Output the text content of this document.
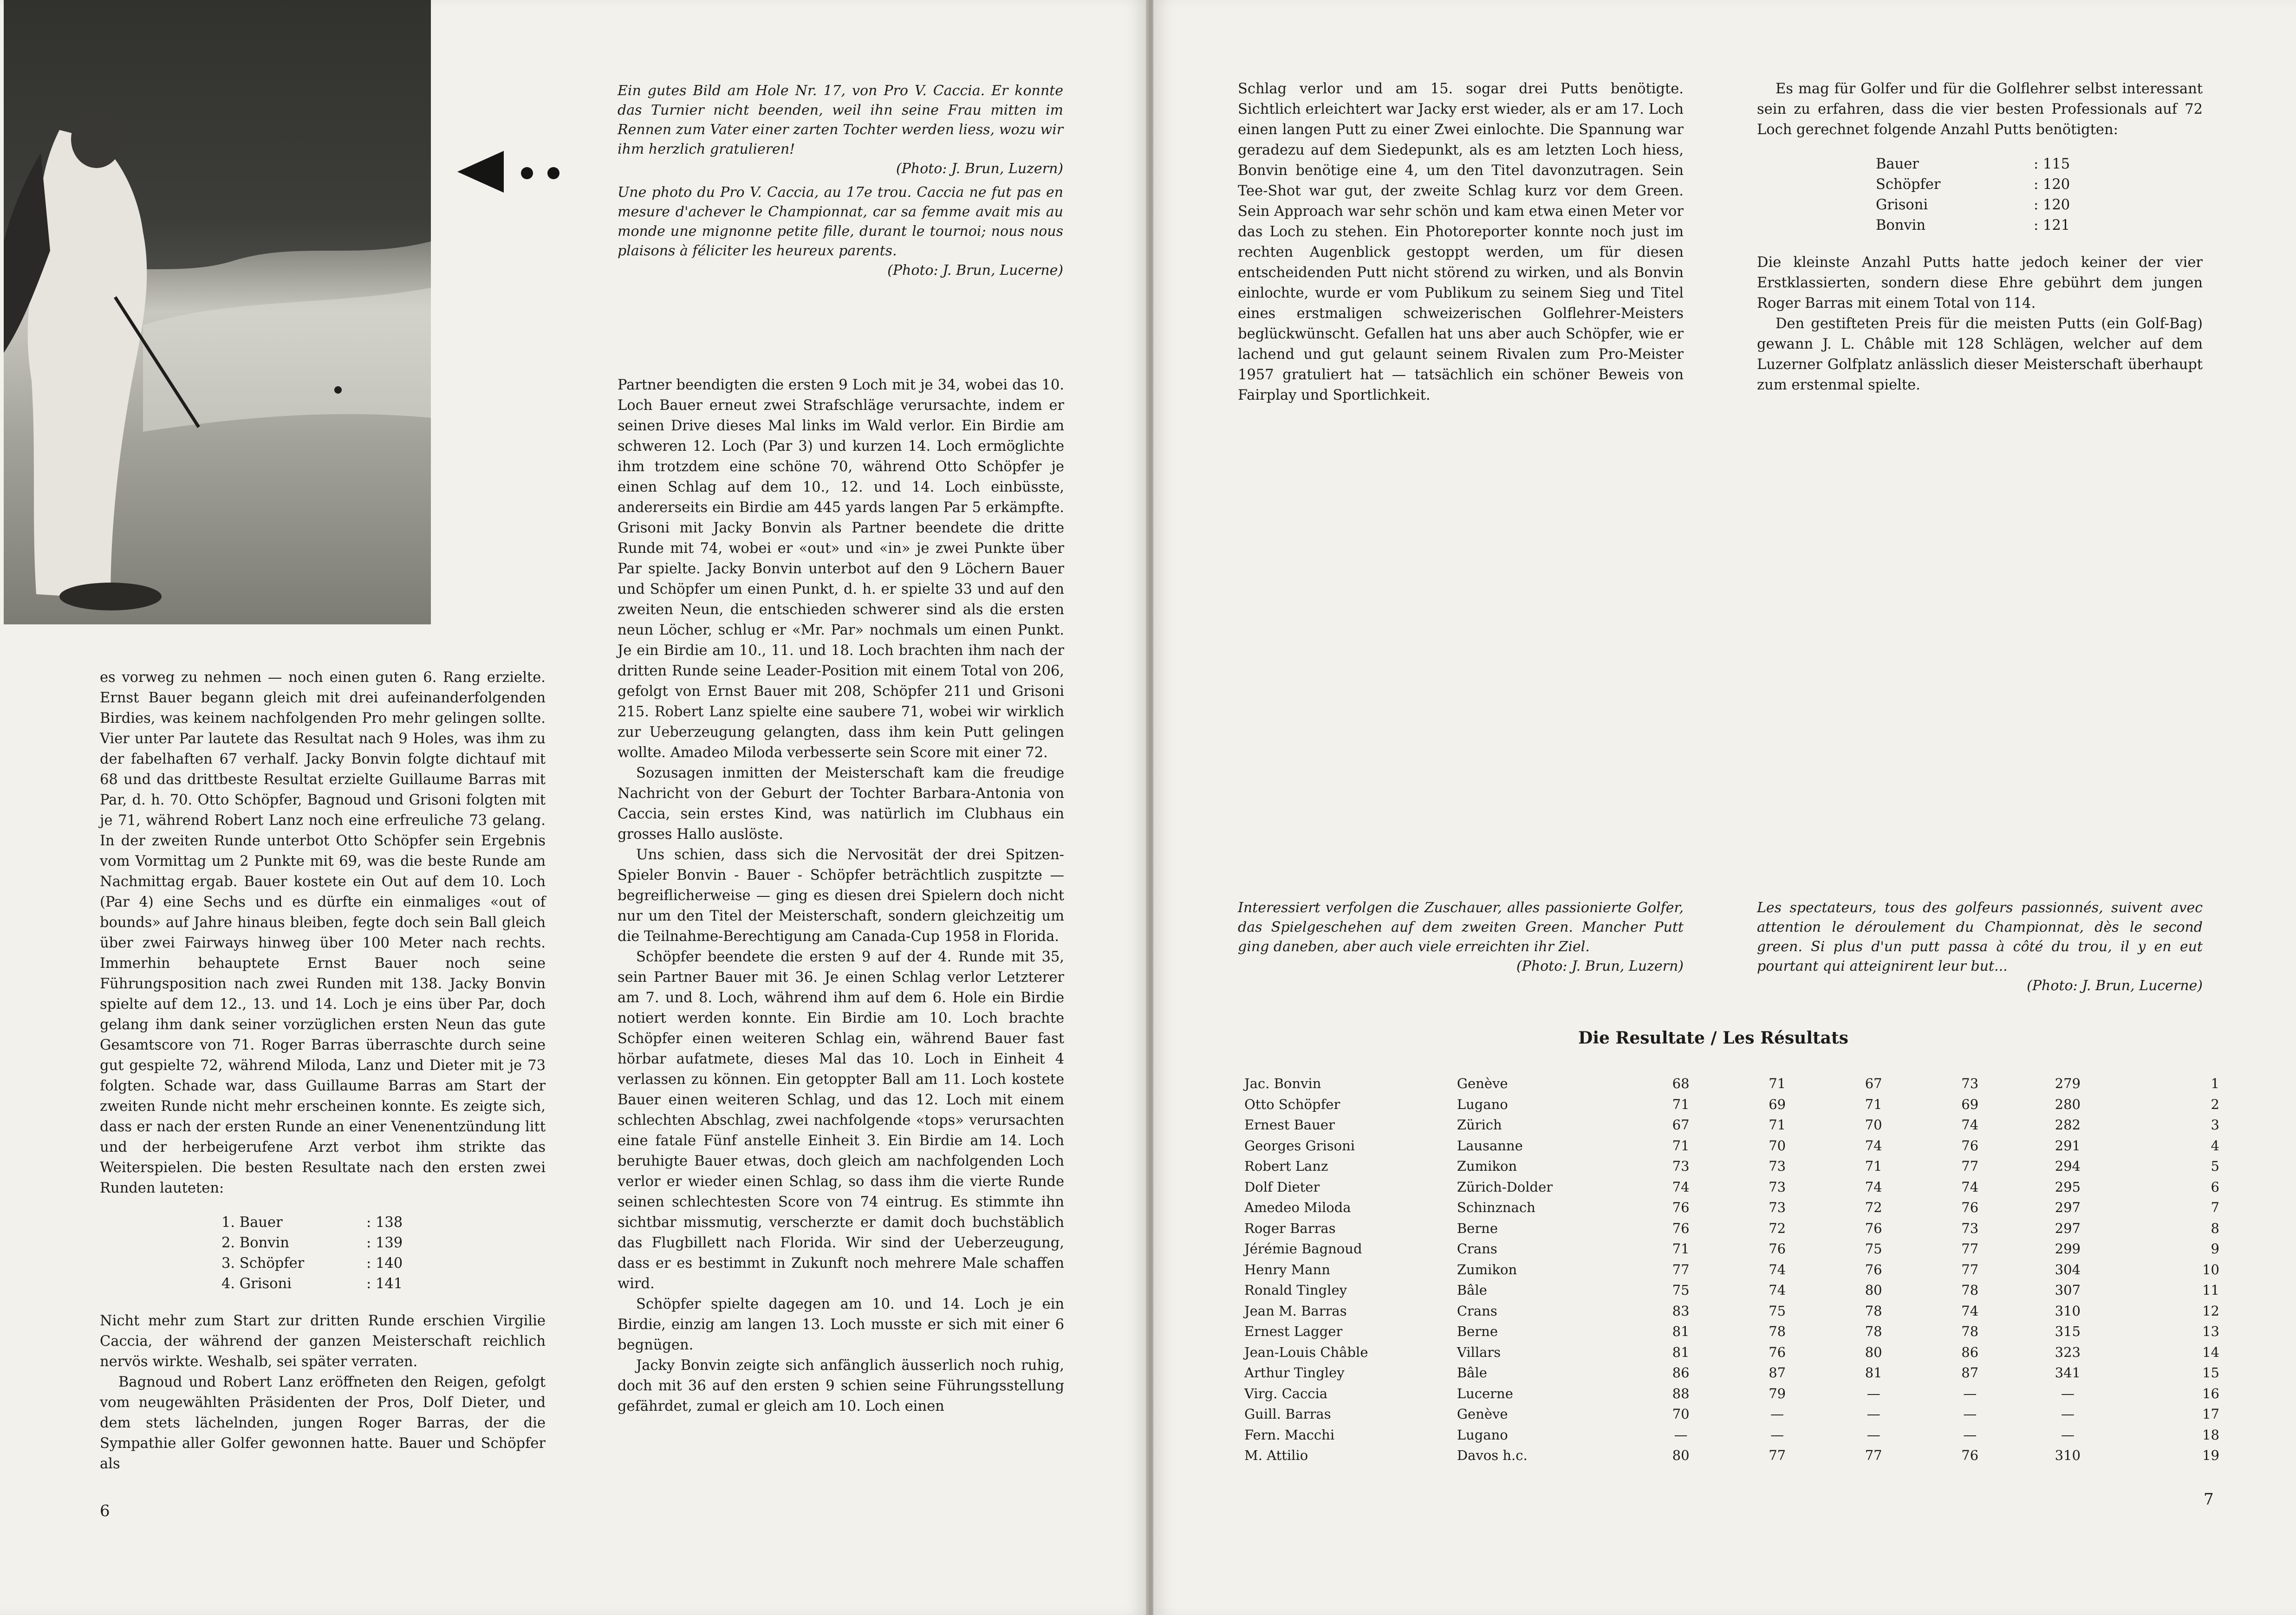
Ein gutes Bild am Hole Nr. 17, von Pro V. Caccia. Er konnte das Turnier nicht beenden, weil ihn seine Frau mitten im Rennen zum Vater einer zarten Tochter werden liess, wozu wir ihm herzlich gratulieren!
(Photo: J. Brun, Luzern)
Une photo du Pro V. Caccia, au 17e trou. Caccia ne fut pas en mesure d'achever le Championnat, car sa femme avait mis au monde une mignonne petite fille, durant le tournoi; nous nous plaisons à féliciter les heureux parents.
(Photo: J. Brun, Lucerne)

es vorweg zu nehmen — noch einen guten 6. Rang erzielte. Ernst Bauer begann gleich mit drei aufeinanderfolgenden Birdies, was keinem nachfolgenden Pro mehr gelingen sollte. Vier unter Par lautete das Resultat nach 9 Holes, was ihm zu der fabelhaften 67 verhalf. Jacky Bonvin folgte dichtauf mit 68 und das drittbeste Resultat erzielte Guillaume Barras mit Par, d. h. 70. Otto Schöpfer, Bagnoud und Grisoni folgten mit je 71, während Robert Lanz noch eine erfreuliche 73 gelang. In der zweiten Runde unterbot Otto Schöpfer sein Ergebnis vom Vormittag um 2 Punkte mit 69, was die beste Runde am Nachmittag ergab. Bauer kostete ein Out auf dem 10. Loch (Par 4) eine Sechs und es dürfte ein einmaliges «out of bounds» auf Jahre hinaus bleiben, fegte doch sein Ball gleich über zwei Fairways hinweg über 100 Meter nach rechts. Immerhin behauptete Ernst Bauer noch seine Führungsposition nach zwei Runden mit 138. Jacky Bonvin spielte auf dem 12., 13. und 14. Loch je eins über Par, doch gelang ihm dank seiner vorzüglichen ersten Neun das gute Gesamtscore von 71. Roger Barras überraschte durch seine gut gespielte 72, während Miloda, Lanz und Dieter mit je 73 folgten. Schade war, dass Guillaume Barras am Start der zweiten Runde nicht mehr erscheinen konnte. Es zeigte sich, dass er nach der ersten Runde an einer Venenentzündung litt und der herbeigerufene Arzt verbot ihm strikte das Weiterspielen. Die besten Resultate nach den ersten zwei Runden lauteten:

1. Bauer	: 138
2. Bonvin	: 139
3. Schöpfer	: 140
4. Grisoni	: 141

Nicht mehr zum Start zur dritten Runde erschien Virgilie Caccia, der während der ganzen Meisterschaft reichlich nervös wirkte. Weshalb, sei später verraten.

Bagnoud und Robert Lanz eröffneten den Reigen, gefolgt vom neugewählten Präsidenten der Pros, Dolf Dieter, und dem stets lächelnden, jungen Roger Barras, der die Sympathie aller Golfer gewonnen hatte. Bauer und Schöpfer als

Partner beendigten die ersten 9 Loch mit je 34, wobei das 10. Loch Bauer erneut zwei Strafschläge verursachte, indem er seinen Drive dieses Mal links im Wald verlor. Ein Birdie am schweren 12. Loch (Par 3) und kurzen 14. Loch ermöglichte ihm trotzdem eine schöne 70, während Otto Schöpfer je einen Schlag auf dem 10., 12. und 14. Loch einbüsste, andererseits ein Birdie am 445 yards langen Par 5 erkämpfte. Grisoni mit Jacky Bonvin als Partner beendete die dritte Runde mit 74, wobei er «out» und «in» je zwei Punkte über Par spielte. Jacky Bonvin unterbot auf den 9 Löchern Bauer und Schöpfer um einen Punkt, d. h. er spielte 33 und auf den zweiten Neun, die entschieden schwerer sind als die ersten neun Löcher, schlug er «Mr. Par» nochmals um einen Punkt. Je ein Birdie am 10., 11. und 18. Loch brachten ihm nach der dritten Runde seine Leader-Position mit einem Total von 206, gefolgt von Ernst Bauer mit 208, Schöpfer 211 und Grisoni 215. Robert Lanz spielte eine saubere 71, wobei wir wirklich zur Ueberzeugung gelangten, dass ihm kein Putt gelingen wollte. Amadeo Miloda verbesserte sein Score mit einer 72.

Sozusagen inmitten der Meisterschaft kam die freudige Nachricht von der Geburt der Tochter Barbara-Antonia von Caccia, sein erstes Kind, was natürlich im Clubhaus ein grosses Hallo auslöste.

Uns schien, dass sich die Nervosität der drei Spitzen-Spieler Bonvin - Bauer - Schöpfer beträchtlich zuspitzte — begreiflicherweise — ging es diesen drei Spielern doch nicht nur um den Titel der Meisterschaft, sondern gleichzeitig um die Teilnahme-Berechtigung am Canada-Cup 1958 in Florida.

Schöpfer beendete die ersten 9 auf der 4. Runde mit 35, sein Partner Bauer mit 36. Je einen Schlag verlor Letzterer am 7. und 8. Loch, während ihm auf dem 6. Hole ein Birdie notiert werden konnte. Ein Birdie am 10. Loch brachte Schöpfer einen weiteren Schlag ein, während Bauer fast hörbar aufatmete, dieses Mal das 10. Loch in Einheit 4 verlassen zu können. Ein getoppter Ball am 11. Loch kostete Bauer einen weiteren Schlag, und das 12. Loch mit einem schlechten Abschlag, zwei nachfolgende «tops» verursachten eine fatale Fünf anstelle Einheit 3. Ein Birdie am 14. Loch beruhigte Bauer etwas, doch gleich am nachfolgenden Loch verlor er wieder einen Schlag, so dass ihm die vierte Runde seinen schlechtesten Score von 74 eintrug. Es stimmte ihn sichtbar missmutig, verscherzte er damit doch buchstäblich das Flugbillett nach Florida. Wir sind der Ueberzeugung, dass er es bestimmt in Zukunft noch mehrere Male schaffen wird.

Schöpfer spielte dagegen am 10. und 14. Loch je ein Birdie, einzig am langen 13. Loch musste er sich mit einer 6 begnügen.

Jacky Bonvin zeigte sich anfänglich äusserlich noch ruhig, doch mit 36 auf den ersten 9 schien seine Führungsstellung gefährdet, zumal er gleich am 10. Loch einen

6

Schlag verlor und am 15. sogar drei Putts benötigte. Sichtlich erleichtert war Jacky erst wieder, als er am 17. Loch einen langen Putt zu einer Zwei einlochte. Die Spannung war geradezu auf dem Siedepunkt, als es am letzten Loch hiess, Bonvin benötige eine 4, um den Titel davonzutragen. Sein Tee-Shot war gut, der zweite Schlag kurz vor dem Green. Sein Approach war sehr schön und kam etwa einen Meter vor das Loch zu stehen. Ein Photoreporter konnte noch just im rechten Augenblick gestoppt werden, um für diesen entscheidenden Putt nicht störend zu wirken, und als Bonvin einlochte, wurde er vom Publikum zu seinem Sieg und Titel eines erstmaligen schweizerischen Golflehrer-Meisters beglückwünscht. Gefallen hat uns aber auch Schöpfer, wie er lachend und gut gelaunt seinem Rivalen zum Pro-Meister 1957 gratuliert hat — tatsächlich ein schöner Beweis von Fairplay und Sportlichkeit.

Es mag für Golfer und für die Golflehrer selbst interessant sein zu erfahren, dass die vier besten Professionals auf 72 Loch gerechnet folgende Anzahl Putts benötigten:

Bauer	: 115
Schöpfer	: 120
Grisoni	: 120
Bonvin	: 121

Die kleinste Anzahl Putts hatte jedoch keiner der vier Erstklassierten, sondern diese Ehre gebührt dem jungen Roger Barras mit einem Total von 114.

Den gestifteten Preis für die meisten Putts (ein Golf-Bag) gewann J. L. Châble mit 128 Schlägen, welcher auf dem Luzerner Golfplatz anlässlich dieser Meisterschaft überhaupt zum erstenmal spielte.

Interessiert verfolgen die Zuschauer, alles passionierte Golfer, das Spielgeschehen auf dem zweiten Green. Mancher Putt ging daneben, aber auch viele erreichten ihr Ziel.
(Photo: J. Brun, Luzern)
Les spectateurs, tous des golfeurs passionnés, suivent avec attention le déroulement du Championnat, dès le second green. Si plus d'un putt passa à côté du trou, il y en eut pourtant qui atteignirent leur but...
(Photo: J. Brun, Lucerne)
Die Resultate / Les Résultats
Jac. Bonvin	Genève	68	71	67	73	279	1
Otto Schöpfer	Lugano	71	69	71	69	280	2
Ernest Bauer	Zürich	67	71	70	74	282	3
Georges Grisoni	Lausanne	71	70	74	76	291	4
Robert Lanz	Zumikon	73	73	71	77	294	5
Dolf Dieter	Zürich-Dolder	74	73	74	74	295	6
Amedeo Miloda	Schinznach	76	73	72	76	297	7
Roger Barras	Berne	76	72	76	73	297	8
Jérémie Bagnoud	Crans	71	76	75	77	299	9
Henry Mann	Zumikon	77	74	76	77	304	10
Ronald Tingley	Bâle	75	74	80	78	307	11
Jean M. Barras	Crans	83	75	78	74	310	12
Ernest Lagger	Berne	81	78	78	78	315	13
Jean-Louis Châble	Villars	81	76	80	86	323	14
Arthur Tingley	Bâle	86	87	81	87	341	15
Virg. Caccia	Lucerne	88	79	—	—	—	16
Guill. Barras	Genève	70	—	—	—	—	17
Fern. Macchi	Lugano	—	—	—	—	—	18
M. Attilio	Davos h.c.	80	77	77	76	310	19
7
